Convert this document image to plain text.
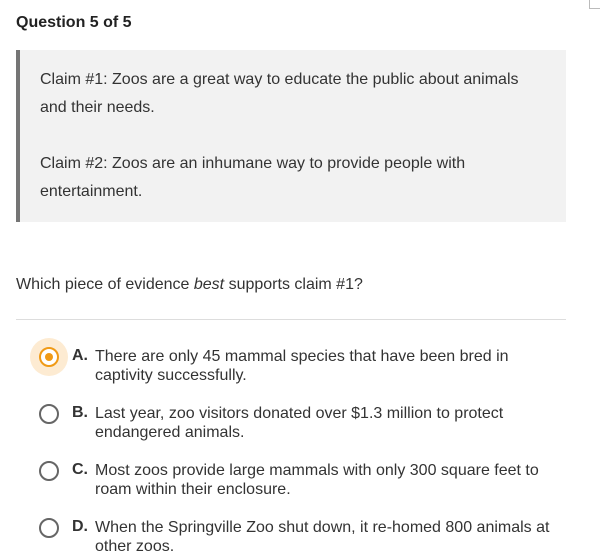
Question 5 of 5

Claim #1: Zoos are a great way to educate the public about animals and their needs.

Claim #2: Zoos are an inhumane way to provide people with entertainment.

Which piece of evidence best supports claim #1?
A. There are only 45 mammal species that have been bred in captivity successfully.
B. Last year, zoo visitors donated over $1.3 million to protect endangered animals.
C. Most zoos provide large mammals with only 300 square feet to roam within their enclosure.
D. When the Springville Zoo shut down, it re-homed 800 animals at other zoos.
